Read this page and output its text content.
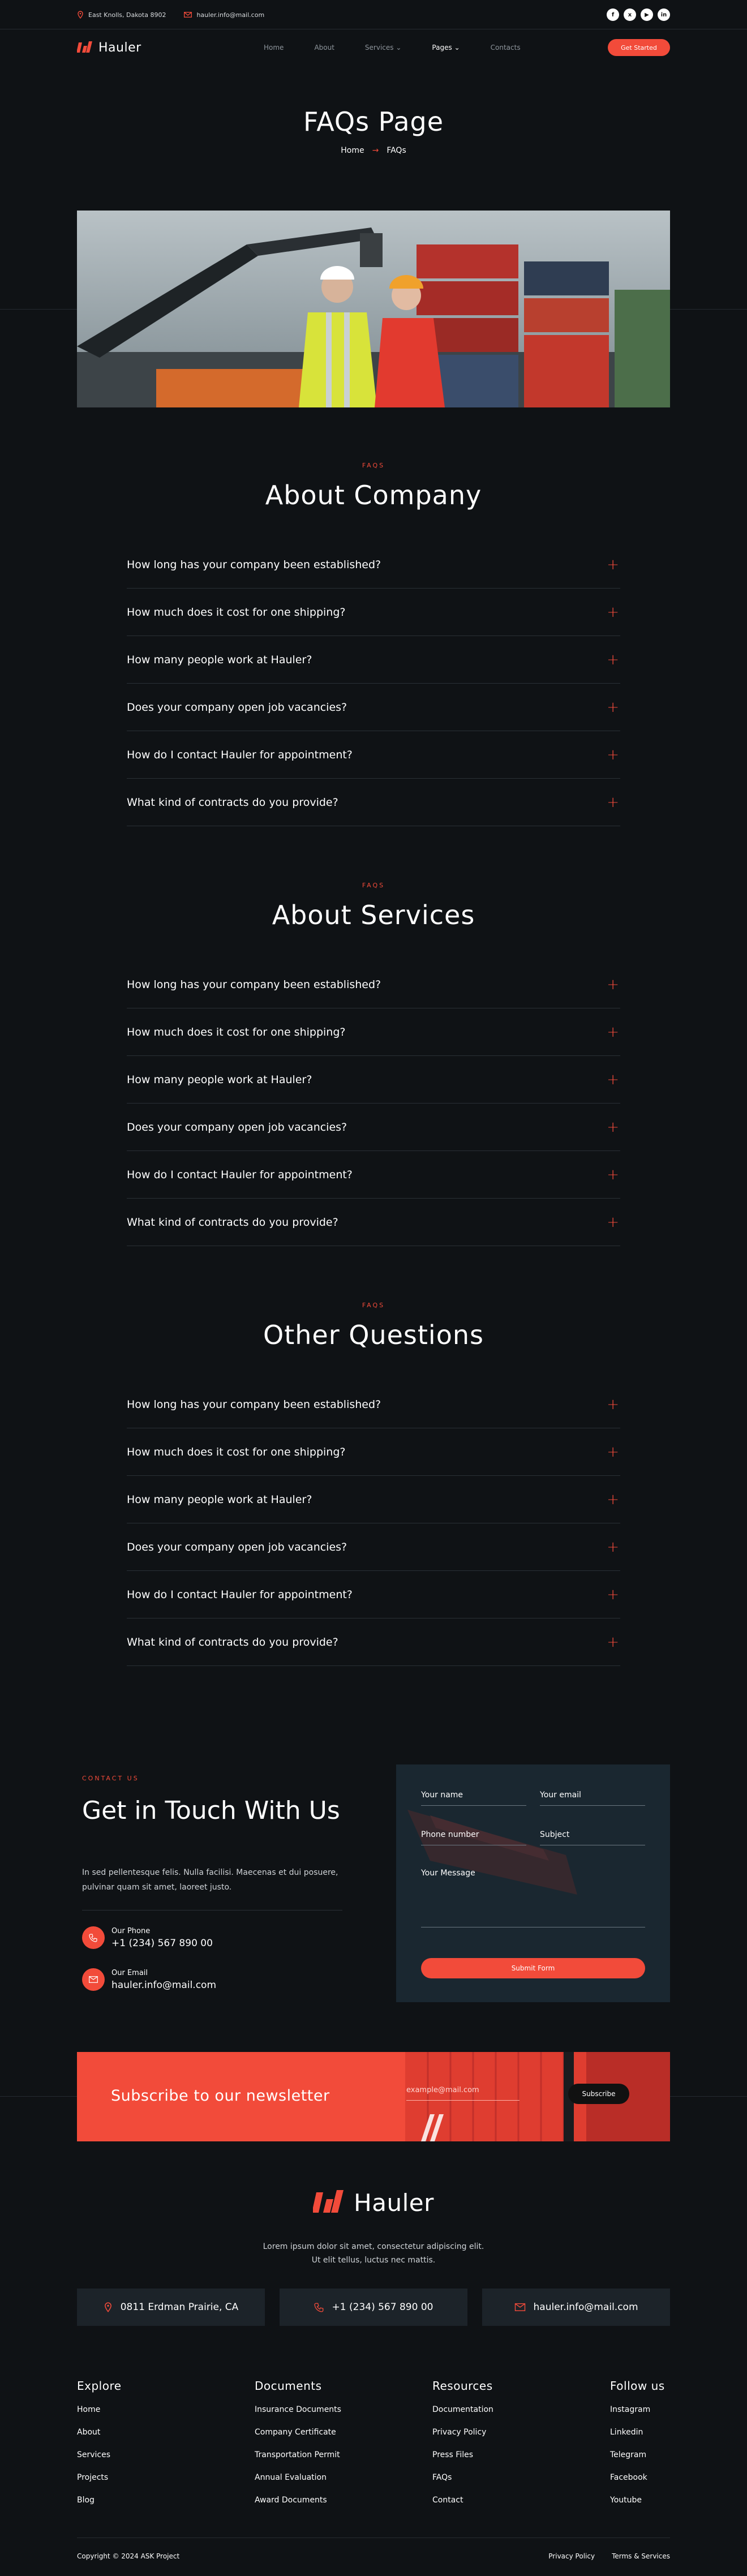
East Knolls, Dakota 8902	hauler.info@mail.com	f	x	▶	in
Hauler	Home	About	Services ⌄	Pages ⌄	Contacts	Get Started
FAQs Page
Home → FAQs
FAQS
About Company
How long has your company been established?	+
How much does it cost for one shipping?	+
How many people work at Hauler?	+
Does your company open job vacancies?	+
How do I contact Hauler for appointment?	+
What kind of contracts do you provide?	+
FAQS
About Services
How long has your company been established?	+
How much does it cost for one shipping?	+
How many people work at Hauler?	+
Does your company open job vacancies?	+
How do I contact Hauler for appointment?	+
What kind of contracts do you provide?	+
FAQS
Other Questions
How long has your company been established?	+
How much does it cost for one shipping?	+
How many people work at Hauler?	+
Does your company open job vacancies?	+
How do I contact Hauler for appointment?	+
What kind of contracts do you provide?	+
CONTACT US
Get in Touch With Us
In sed pellentesque felis. Nulla facilisi. Maecenas et dui posuere, pulvinar quam sit amet, laoreet justo.
Our Phone
+1 (234) 567 890 00
Our Email
hauler.info@mail.com
Your name	Your email
Phone number	Subject
Your Message
Submit Form
Subscribe to our newsletter	example@mail.com	Subscribe
Hauler
Lorem ipsum dolor sit amet, consectetur adipiscing elit. Ut elit tellus, luctus nec mattis.
0811 Erdman Prairie, CA	+1 (234) 567 890 00	hauler.info@mail.com
Explore
Home
About
Services
Projects
Blog
Documents
Insurance Documents
Company Certificate
Transportation Permit
Annual Evaluation
Award Documents
Resources
Documentation
Privacy Policy
Press Files
FAQs
Contact
Follow us
Instagram
Linkedin
Telegram
Facebook
Youtube
Copyright © 2024 ASK Project	Privacy Policy	Terms & Services
